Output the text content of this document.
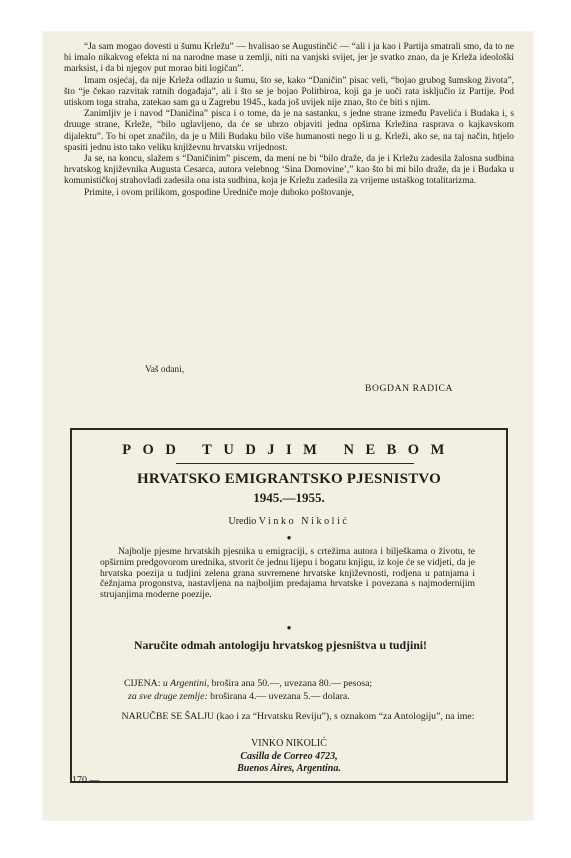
“Ja sam mogao dovesti u šumu Krležu” — hvalisao se Augustinčić — “ali i ja kao i Partija smatrali smo, da to ne bi imalo nikakvog efekta ni na narodne mase u zemlji, niti na vanjski svijet, jer je svatko znao, da je Krleža ideološki marksist, i da bi njegov put morao biti logičan”.

Imam osjećaj, da nije Krleža odlazio u šumu, što se, kako “Daničin” pisac veli, “bojao grubog šumskog života”, što “je čekao razvitak ratnih događaja”, ali i što se je bojao Politbiroa, koji ga je uoči rata isključio iz Partije. Pod utiskom toga straha, zatekao sam ga u Zagrebu 1945., kada još uvijek nije znao, što će biti s njim.

Zanimljiv je i navod “Daničina” pisca i o tome, da je na sastanku, s jedne strane između Pavelića i Budaka i, s druuge strane, Krleže, “bilo uglavljeno, da će se ubrzo objaviti jedna opširna Krležina rasprava o kajkavskom dijalektu”. To bi opet značilo, da je u Mili Budaku bilo više humanosti nego li u g. Krleži, ako se, na taj način, htjelo spasiti jednu isto tako veliku književnu hrvatsku vrijednost.

Ja se, na koncu, slažem s “Daničinim” piscem, da meni ne bi “bilo draže, da je i Krležu zadesila žalosna sudbina hrvatskog književnika Augusta Cesarca, autora velebnog ‘Sina Domovine’,” kao što bi mi bilo draže, da je i Budaka u komunističkoj strahovladi zadesila ona ista sudbina, koja je Krležu zadesila za vrijeme ustaškog totalitarizma.

Primite, i ovom prilikom, gospodine Uredniče moje duboko poštovanje,

Vaš odani,
BOGDAN RADICA
POD TUDJIM NEBOM
HRVATSKO EMIGRANTSKO PJESNISTVO
1945.—1955.
Uredio Vinko Nikolić
●

Najbolje pjesme hrvatskih pjesnika u emigraciji, s crtežima autora i bilješkama o životu, te opširnim predgovorom urednika, stvorit će jednu lijepu i bogatu knjigu, iz koje će se vidjeti, da je hrvatska poezija u tudjini zelena grana suvremene hrvatske književnosti, rodjena u patnjama i čežnjama progonstva, nastavljena na najboljim predajama hrvatske i povezana s najmodernijim strujanjima moderne poezije.

●
Naručite odmah antologiju hrvatskog pjesništva u tudjini!
CIJENA: u Argentini, brošira ana 50.—, uvezana 80.— pesosa;
za sve druge zemlje: broširana 4.— uvezana 5.— dolara.
NARUČBE SE ŠALJU (kao i za “Hrvatsku Reviju”), s oznakom “za Antologiju”, na ime:
VINKO NIKOLIĆ
Casilla de Correo 4723,
Buenos Aires, Argentina.
170 —
